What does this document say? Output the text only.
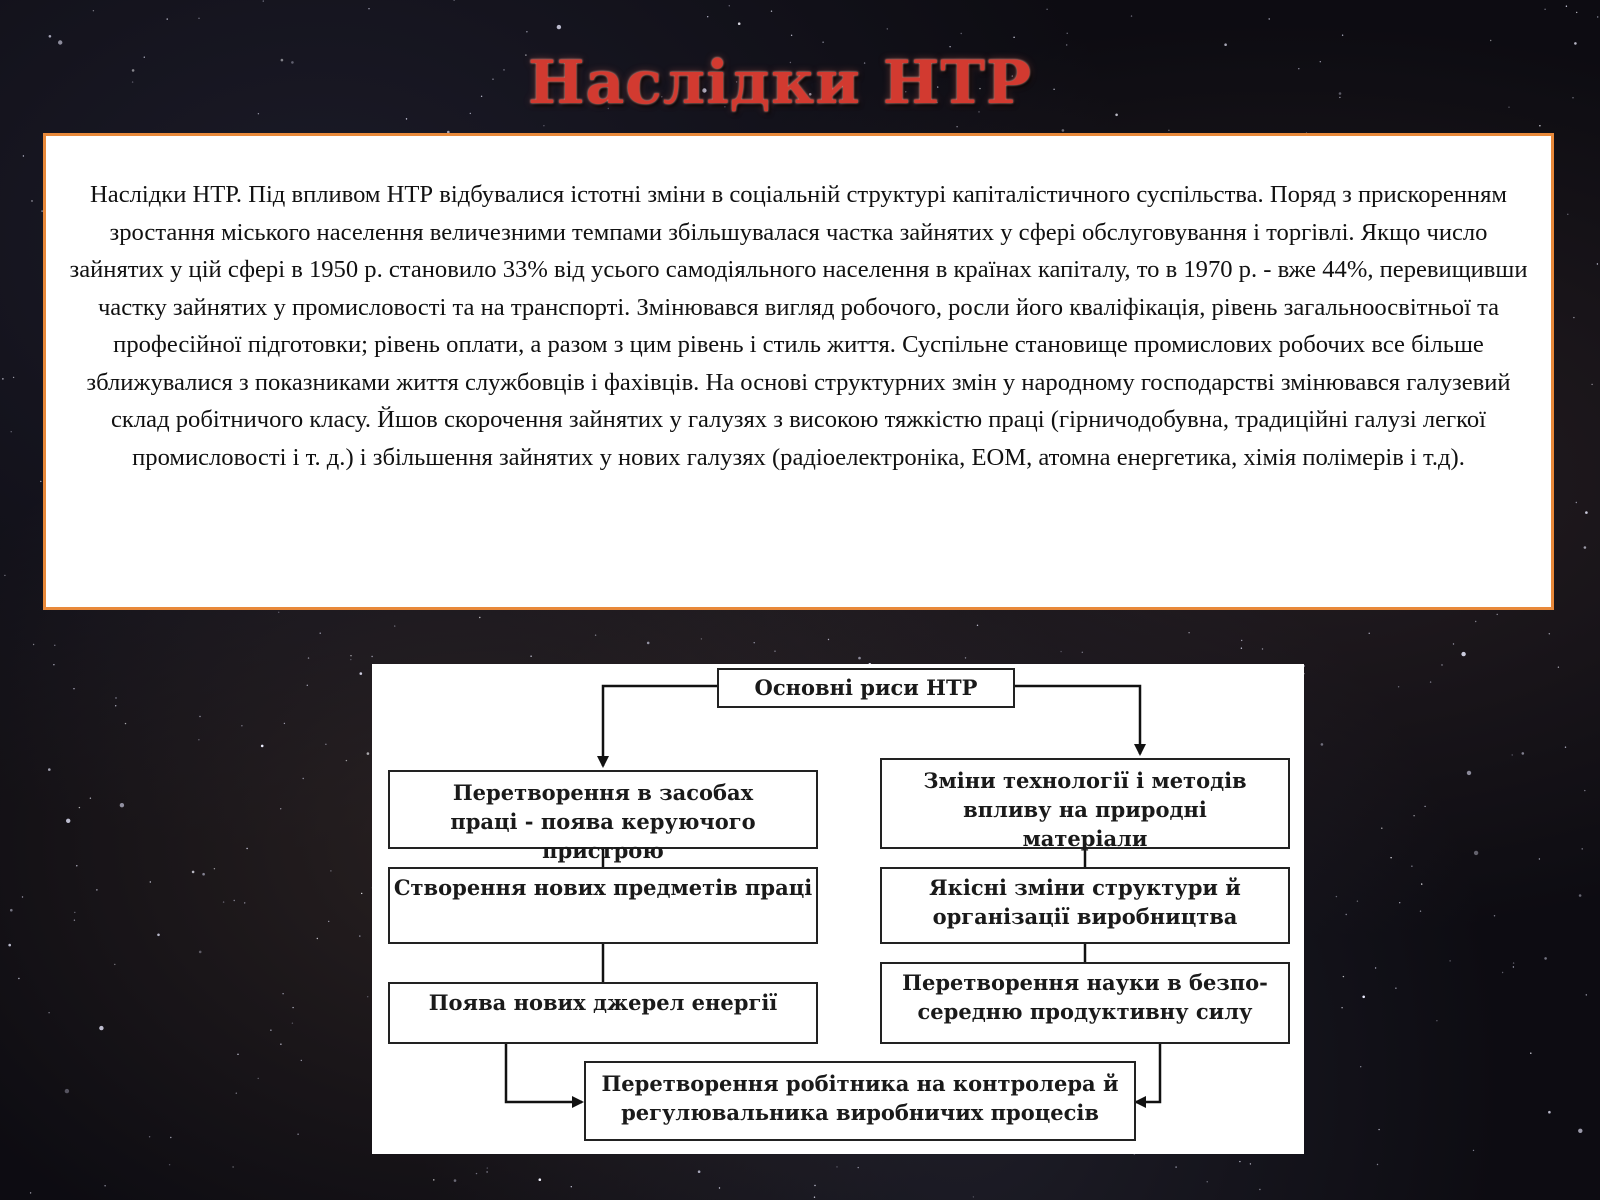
Наслідки НТР
Наслідки НТР. Під впливом НТР відбувалися істотні зміни в соціальній структурі капіталістичного суспільства. Поряд з прискоренням зростання міського населення величезними темпами збільшувалася частка зайнятих у сфері обслуговування і торгівлі. Якщо число зайнятих у цій сфері в 1950 р. становило 33% від усього самодіяльного населення в країнах капіталу, то в 1970 р. - вже 44%, перевищивши частку зайнятих у промисловості та на транспорті. Змінювався вигляд робочого, росли його кваліфікація, рівень загальноосвітньої та професійної підготовки; рівень оплати, а разом з цим рівень і стиль життя. Суспільне становище промислових робочих все більше зближувалися з показниками життя службовців і фахівців. На основі структурних змін у народному господарстві змінювався галузевий склад робітничого класу. Йшов скорочення зайнятих у галузях з високою тяжкістю праці (гірничодобувна, традиційні галузі легкої промисловості і т. д.) і збільшення зайнятих у нових галузях (радіоелектроніка, ЕОМ, атомна енергетика, хімія полімерів і т.д).
Основні риси НТР
Перетворення в засобах праці - поява керуючого пристрою
Створення нових предметів праці
Поява нових джерел енергії
Зміни технології і методів впливу на природні матеріали
Якісні зміни структури й організації виробництва
Перетворення науки в безпо-середню продуктивну силу
Перетворення робітника на контролера й регулювальника виробничих процесів
